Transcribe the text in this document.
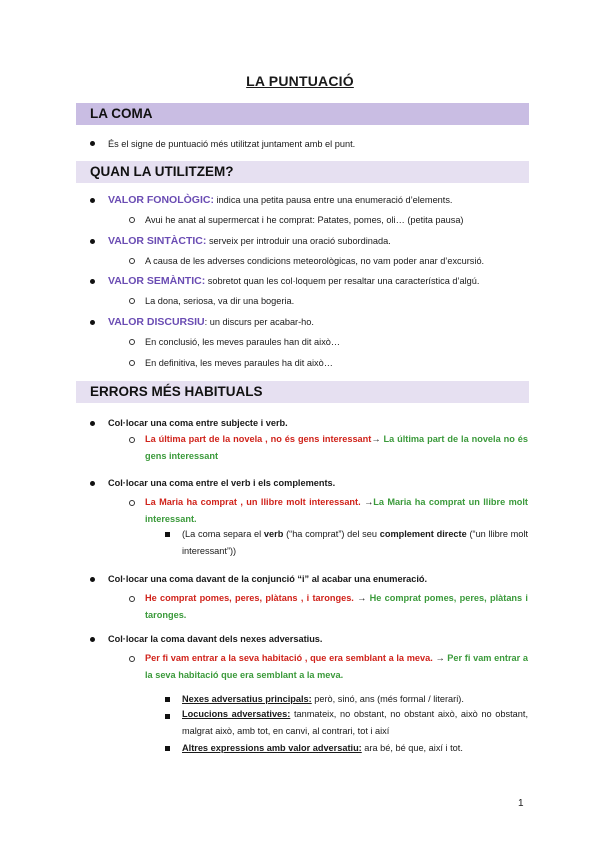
LA PUNTUACIÓ
LA COMA
És el signe de puntuació més utilitzat juntament amb el punt.
QUAN LA UTILITZEM?
VALOR FONOLÒGIC: indica una petita pausa entre una enumeració d’elements.
Avui he anat al supermercat i he comprat: Patates, pomes, oli… (petita pausa)
VALOR SINTÀCTIC: serveix per introduir una oració subordinada.
A causa de les adverses condicions meteorològicas, no vam poder anar d’excursió.
VALOR SEMÀNTIC: sobretot quan les col·loquem per resaltar una característica d’algú.
La dona, seriosa, va dir una bogeria.
VALOR DISCURSIU: un discurs per acabar-ho.
En conclusió, les meves paraules han dit això…
En definitiva, les meves paraules ha dit això…
ERRORS MÉS HABITUALS
Col·locar una coma entre subjecte i verb.
La última part de la novela , no és gens interessant→ La última part de la novela no és gens interessant
Col·locar una coma entre el verb i els complements.
La Maria ha comprat , un llibre molt interessant. →La Maria ha comprat un llibre molt interessant.
(La coma separa el verb (“ha comprat”) del seu complement directe (“un llibre molt interessant”))
Col·locar una coma davant de la conjunció “i” al acabar una enumeració.
He comprat pomes, peres, plàtans , i taronges. → He comprat pomes, peres, plàtans i taronges.
Col·locar la coma davant dels nexes adversatius.
Per fi vam entrar a la seva habitació , que era semblant a la meva. → Per fi vam entrar a la seva habitació que era semblant a la meva.
Nexes adversatius principals: però, sinó, ans (més formal / literari).
Locucions adversatives: tanmateix, no obstant, no obstant això, això no obstant, malgrat això, amb tot, en canvi, al contrari, tot i així
Altres expressions amb valor adversatiu: ara bé, bé que, així i tot.
1
